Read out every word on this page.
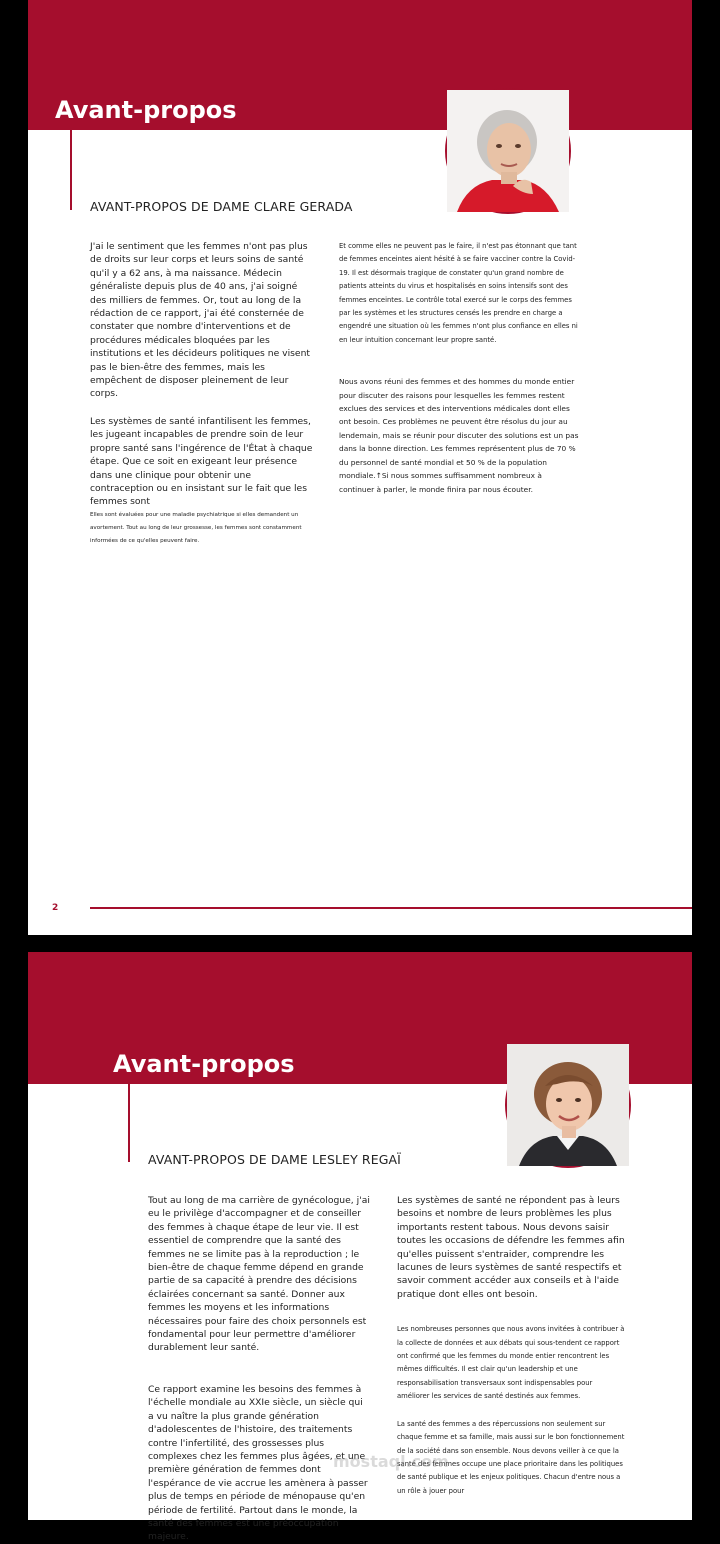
Avant-propos
AVANT-PROPOS DE DAME CLARE GERADA

J'ai le sentiment que les femmes n'ont pas plus de droits sur leur corps et leurs soins de santé qu'il y a 62 ans, à ma naissance. Médecin généraliste depuis plus de 40 ans, j'ai soigné des milliers de femmes. Or, tout au long de la rédaction de ce rapport, j'ai été consternée de constater que nombre d'interventions et de procédures médicales bloquées par les institutions et les décideurs politiques ne visent pas le bien-être des femmes, mais les empêchent de disposer pleinement de leur corps.

Les systèmes de santé infantilisent les femmes, les jugeant incapables de prendre soin de leur propre santé sans l'ingérence de l'État à chaque étape. Que ce soit en exigeant leur présence dans une clinique pour obtenir une contraception ou en insistant sur le fait que les femmes sont

Elles sont évaluées pour une maladie psychiatrique si elles demandent un avortement. Tout au long de leur grossesse, les femmes sont constamment informées de ce qu'elles peuvent faire.

Et comme elles ne peuvent pas le faire, il n'est pas étonnant que tant de femmes enceintes aient hésité à se faire vacciner contre la Covid-19. Il est désormais tragique de constater qu'un grand nombre de patients atteints du virus et hospitalisés en soins intensifs sont des femmes enceintes. Le contrôle total exercé sur le corps des femmes par les systèmes et les structures censés les prendre en charge a engendré une situation où les femmes n'ont plus confiance en elles ni en leur intuition concernant leur propre santé.

Nous avons réuni des femmes et des hommes du monde entier pour discuter des raisons pour lesquelles les femmes restent exclues des services et des interventions médicales dont elles ont besoin. Ces problèmes ne peuvent être résolus du jour au lendemain, mais se réunir pour discuter des solutions est un pas dans la bonne direction. Les femmes représentent plus de 70 % du personnel de santé mondial et 50 % de la population mondiale.↑Si nous sommes suffisamment nombreux à continuer à parler, le monde finira par nous écouter.

2
Avant-propos
AVANT-PROPOS DE DAME LESLEY REGAÏ

Tout au long de ma carrière de gynécologue, j'ai eu le privilège d'accompagner et de conseiller des femmes à chaque étape de leur vie. Il est essentiel de comprendre que la santé des femmes ne se limite pas à la reproduction ; le bien-être de chaque femme dépend en grande partie de sa capacité à prendre des décisions éclairées concernant sa santé. Donner aux femmes les moyens et les informations nécessaires pour faire des choix personnels est fondamental pour leur permettre d'améliorer durablement leur santé.

Ce rapport examine les besoins des femmes à l'échelle mondiale au XXIe siècle, un siècle qui a vu naître la plus grande génération d'adolescentes de l'histoire, des traitements contre l'infertilité, des grossesses plus complexes chez les femmes plus âgées, et une première génération de femmes dont l'espérance de vie accrue les amènera à passer plus de temps en période de ménopause qu'en période de fertilité. Partout dans le monde, la santé des femmes est une préoccupation majeure.

Les systèmes de santé ne répondent pas à leurs besoins et nombre de leurs problèmes les plus importants restent tabous. Nous devons saisir toutes les occasions de défendre les femmes afin qu'elles puissent s'entraider, comprendre les lacunes de leurs systèmes de santé respectifs et savoir comment accéder aux conseils et à l'aide pratique dont elles ont besoin.

Les nombreuses personnes que nous avons invitées à contribuer à la collecte de données et aux débats qui sous-tendent ce rapport ont confirmé que les femmes du monde entier rencontrent les mêmes difficultés. Il est clair qu'un leadership et une responsabilisation transversaux sont indispensables pour améliorer les services de santé destinés aux femmes.

La santé des femmes a des répercussions non seulement sur chaque femme et sa famille, mais aussi sur le bon fonctionnement de la société dans son ensemble. Nous devons veiller à ce que la santé des femmes occupe une place prioritaire dans les politiques de santé publique et les enjeux politiques. Chacun d'entre nous a un rôle à jouer pour

mostaql.com
